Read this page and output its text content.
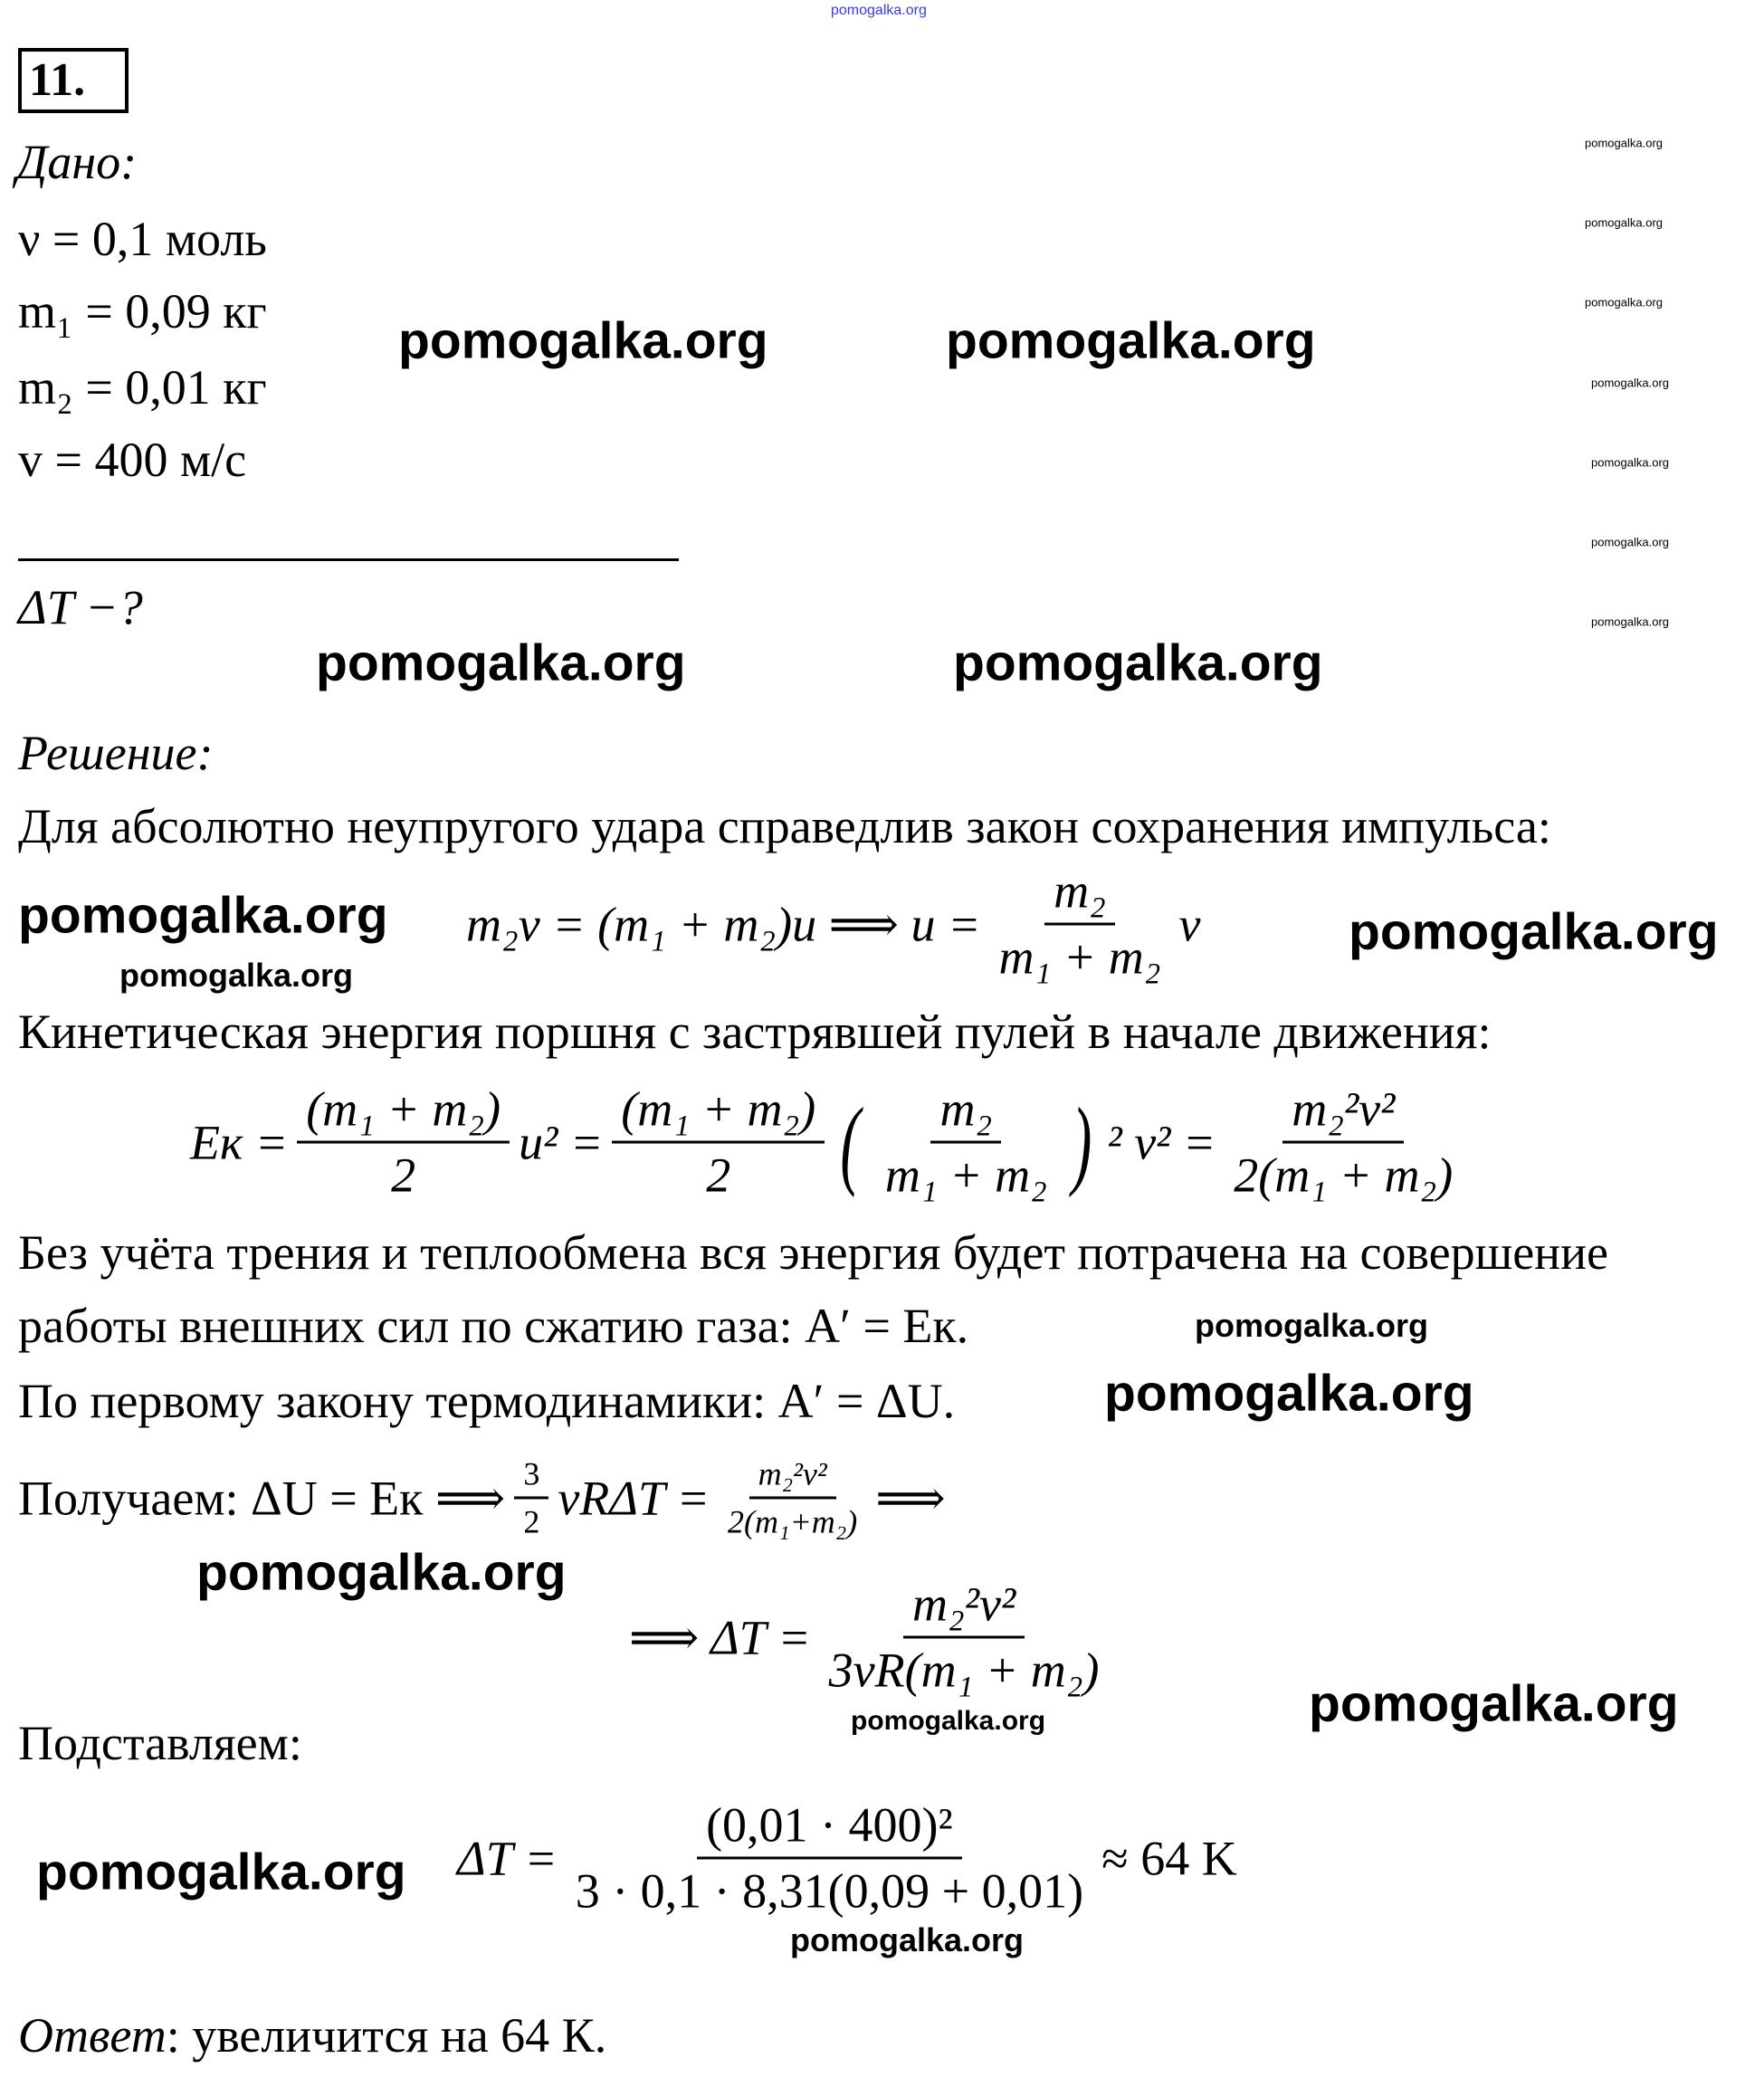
pomogalka.org
11.
Дано:
ν = 0,1 моль
m₁ = 0,09 кг
m₂ = 0,01 кг
v = 400 м/с
ΔT −?
Решение:
Для абсолютно неупругого удара справедлив закон сохранения импульса:
m₂v = (m₁ + m₂)u ⟹ $u = \frac{\text{m₂}}{\text{m₁ + m₂}}$ v
Кинетическая энергия поршня с застрявшей пулей в начале движения:
Eк = $\frac{\text{(m₁ + m₂)}}{2} u^2 = \frac{\text{(m₁ + m₂)}}{2}$ ( $\frac{\text{m₂}}{\text{m₁ + m₂}}$ ) ² $v^2 = \frac{\text{m₂²v²}}{\text{2(m₁ + m₂)}}$
Без учёта трения и теплообмена вся энергия будет потрачена на совершение
работы внешних сил по сжатию газа: A′ = Eк.
По первому закону термодинамики: A′ = ΔU.
Получаем: ΔU = Eк ⟹ $\frac{3}{2}$ $\nu R\Delta T = \frac{\text{m₂²v²}}{\text{2(m₁+m₂)}}$ ⟹
⟹ $\Delta T = \frac{\text{m₂²v²}}{\text{3νR(m₁ + m₂)}}$
Подставляем:
$\Delta T = \frac{\text{(0,01 · 400)²}}{3 \cdot 0,1 \cdot 8,31(0,09 + 0,01)} \approx 64$ K
Ответ: увеличится на 64 К.
pomogalka.org	pomogalka.org
pomogalka.org	pomogalka.org
pomogalka.org
pomogalka.org
pomogalka.org
pomogalka.org
pomogalka.org
pomogalka.org
pomogalka.org	pomogalka.org
pomogalka.org
pomogalka.org
pomogalka.org
pomogalka.org
pomogalka.org
pomogalka.org
pomogalka.org
pomogalka.org
pomogalka.org
